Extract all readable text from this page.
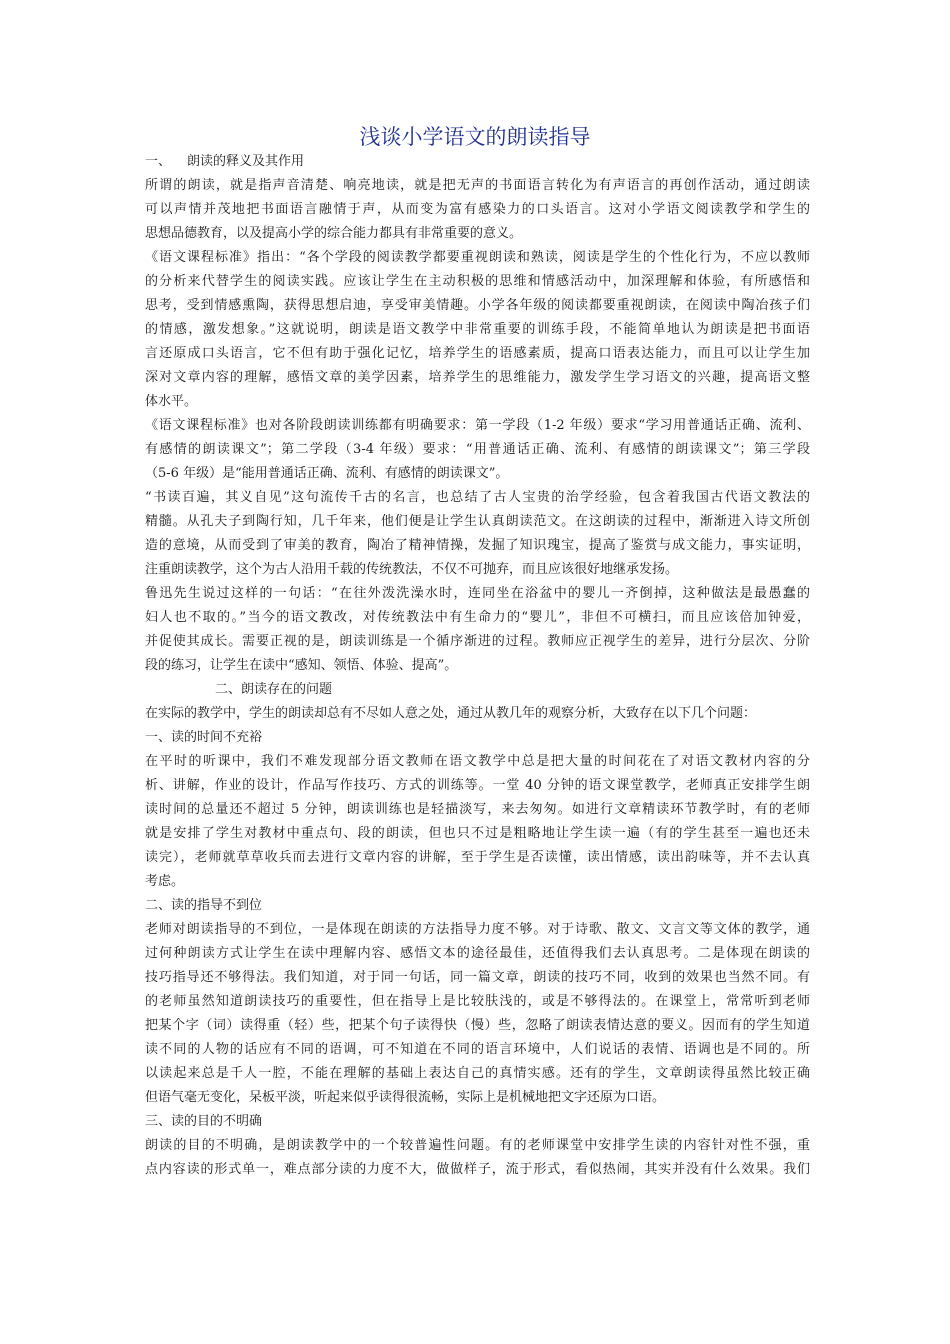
浅谈小学语文的朗读指导
一、 朗读的释义及其作用
所谓的朗读，就是指声音清楚、响亮地读，就是把无声的书面语言转化为有声语言的再创作活动，通过朗读
可以声情并茂地把书面语言融情于声，从而变为富有感染力的口头语言。这对小学语文阅读教学和学生的
思想品德教育，以及提高小学的综合能力都具有非常重要的意义。
《语文课程标准》指出：“各个学段的阅读教学都要重视朗读和熟读，阅读是学生的个性化行为，不应以教师
的分析来代替学生的阅读实践。应该让学生在主动积极的思维和情感活动中，加深理解和体验，有所感悟和
思考，受到情感熏陶，获得思想启迪，享受审美情趣。小学各年级的阅读都要重视朗读，在阅读中陶冶孩子们
的情感，激发想象。”这就说明，朗读是语文教学中非常重要的训练手段，不能简单地认为朗读是把书面语
言还原成口头语言，它不但有助于强化记忆，培养学生的语感素质，提高口语表达能力，而且可以让学生加
深对文章内容的理解，感悟文章的美学因素，培养学生的思维能力，激发学生学习语文的兴趣，提高语文整
体水平。
《语文课程标准》也对各阶段朗读训练都有明确要求：第一学段（1-2 年级）要求“学习用普通话正确、流利、
有感情的朗读课文”；第二学段（3-4 年级）要求：“用普通话正确、流利、有感情的朗读课文”；第三学段
（5-6 年级）是“能用普通话正确、流利、有感情的朗读课文”。
“书读百遍，其义自见”这句流传千古的名言，也总结了古人宝贵的治学经验，包含着我国古代语文教法的
精髓。从孔夫子到陶行知，几千年来，他们便是让学生认真朗读范文。在这朗读的过程中，渐渐进入诗文所创
造的意境，从而受到了审美的教育，陶冶了精神情操，发掘了知识瑰宝，提高了鉴赏与成文能力，事实证明，
注重朗读教学，这个为古人沿用千载的传统教法，不仅不可抛弃，而且应该很好地继承发扬。
鲁迅先生说过这样的一句话：“在往外泼洗澡水时，连同坐在浴盆中的婴儿一齐倒掉，这种做法是最愚蠢的
妇人也不取的。”当今的语文教改，对传统教法中有生命力的“婴儿”，非但不可横扫，而且应该倍加钟爱，
并促使其成长。需要正视的是，朗读训练是一个循序渐进的过程。教师应正视学生的差异，进行分层次、分阶
段的练习，让学生在读中“感知、领悟、体验、提高”。
二、朗读存在的问题
在实际的教学中，学生的朗读却总有不尽如人意之处，通过从教几年的观察分析，大致存在以下几个问题：
一、读的时间不充裕
在平时的听课中，我们不难发现部分语文教师在语文教学中总是把大量的时间花在了对语文教材内容的分
析、讲解，作业的设计，作品写作技巧、方式的训练等。一堂 40 分钟的语文课堂教学，老师真正安排学生朗
读时间的总量还不超过 5 分钟，朗读训练也是轻描淡写，来去匆匆。如进行文章精读环节教学时，有的老师
就是安排了学生对教材中重点句、段的朗读，但也只不过是粗略地让学生读一遍（有的学生甚至一遍也还未
读完），老师就草草收兵而去进行文章内容的讲解，至于学生是否读懂，读出情感，读出韵味等，并不去认真
考虑。
二、读的指导不到位
老师对朗读指导的不到位，一是体现在朗读的方法指导力度不够。对于诗歌、散文、文言文等文体的教学，通
过何种朗读方式让学生在读中理解内容、感悟文本的途径最佳，还值得我们去认真思考。二是体现在朗读的
技巧指导还不够得法。我们知道，对于同一句话，同一篇文章，朗读的技巧不同，收到的效果也当然不同。有
的老师虽然知道朗读技巧的重要性，但在指导上是比较肤浅的，或是不够得法的。在课堂上，常常听到老师
把某个字（词）读得重（轻）些，把某个句子读得快（慢）些，忽略了朗读表情达意的要义。因而有的学生知道
读不同的人物的话应有不同的语调，可不知道在不同的语言环境中，人们说话的表情、语调也是不同的。所
以读起来总是千人一腔，不能在理解的基础上表达自己的真情实感。还有的学生，文章朗读得虽然比较正确
但语气毫无变化，呆板平淡，听起来似乎读得很流畅，实际上是机械地把文字还原为口语。
三、读的目的不明确
朗读的目的不明确，是朗读教学中的一个较普遍性问题。有的老师课堂中安排学生读的内容针对性不强，重
点内容读的形式单一，难点部分读的力度不大，做做样子，流于形式，看似热闹，其实并没有什么效果。我们
